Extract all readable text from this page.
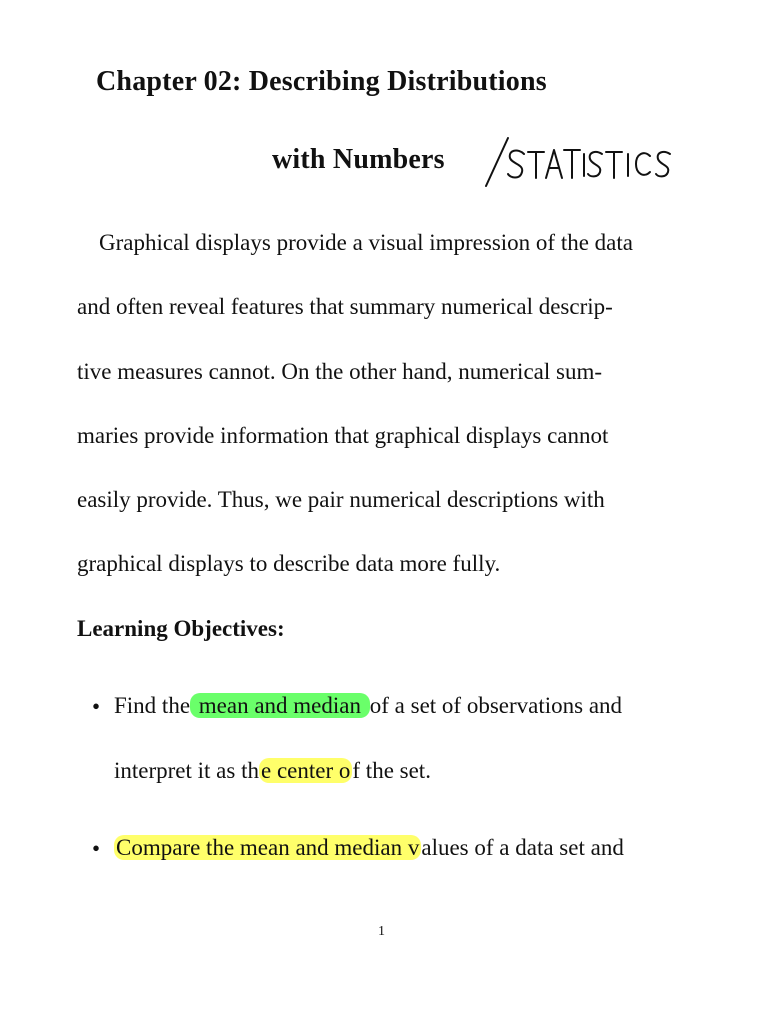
Chapter 02: Describing Distributions
with Numbers
Graphical displays provide a visual impression of the data
and often reveal features that summary numerical descrip-
tive measures cannot. On the other hand, numerical sum-
maries provide information that graphical displays cannot
easily provide. Thus, we pair numerical descriptions with
graphical displays to describe data more fully.
Learning Objectives:
• Find the mean and median of a set of observations and
interpret it as the center of the set.
• Compare the mean and median values of a data set and
1
